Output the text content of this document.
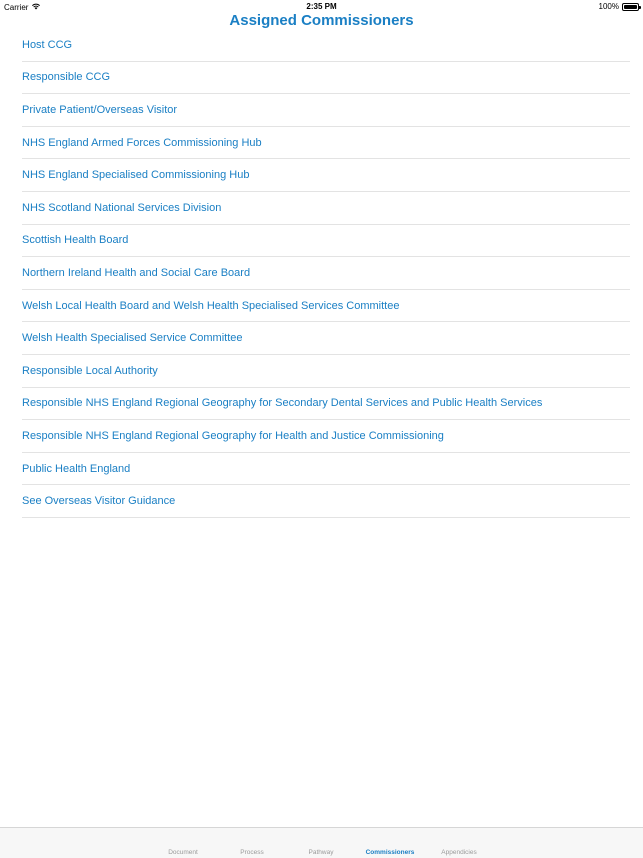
Carrier	2:35 PM	100%
Assigned Commissioners
Host CCG
Responsible CCG
Private Patient/Overseas Visitor
NHS England Armed Forces Commissioning Hub
NHS England Specialised Commissioning Hub
NHS Scotland National Services Division
Scottish Health Board
Northern Ireland Health and Social Care Board
Welsh Local Health Board and Welsh Health Specialised Services Committee
Welsh Health Specialised Service Committee
Responsible Local Authority
Responsible NHS England Regional Geography for Secondary Dental Services and Public Health Services
Responsible NHS England Regional Geography for Health and Justice Commissioning
Public Health England
See Overseas Visitor Guidance
Document	Process	Pathway	Commissioners	Appendicies
